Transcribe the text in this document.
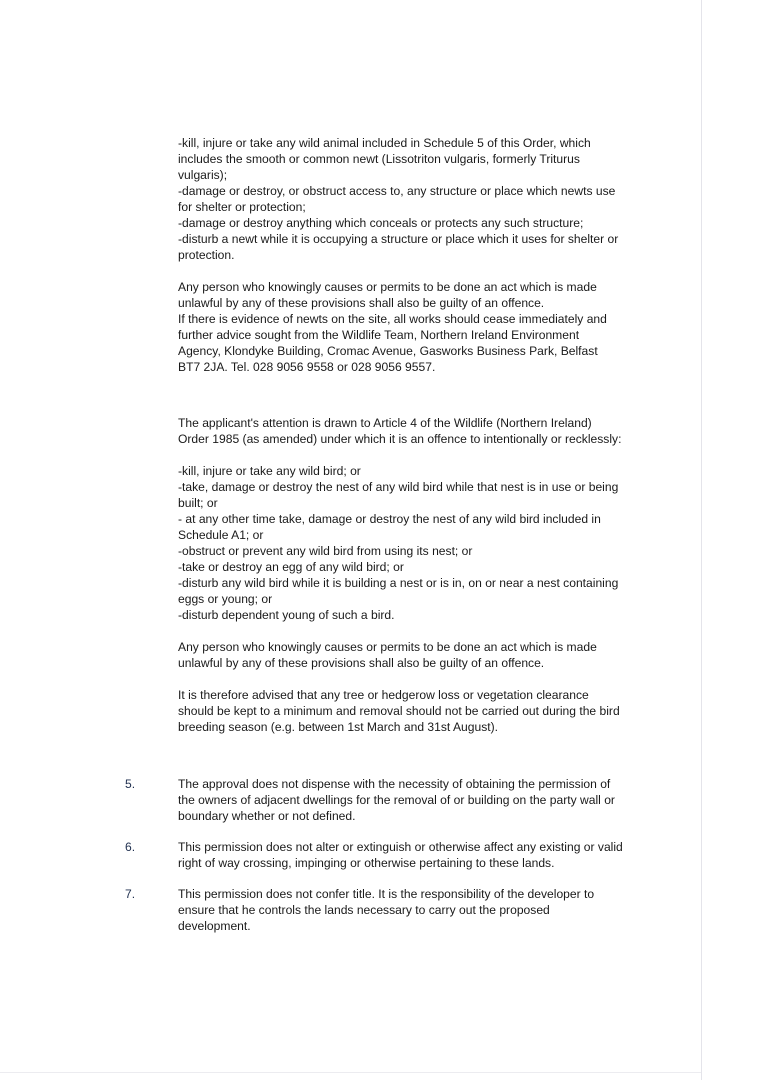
-kill, injure or take any wild animal included in Schedule 5 of this Order, which
includes the smooth or common newt (Lissotriton vulgaris, formerly Triturus
vulgaris);
-damage or destroy, or obstruct access to, any structure or place which newts use
for shelter or protection;
-damage or destroy anything which conceals or protects any such structure;
-disturb a newt while it is occupying a structure or place which it uses for shelter or
protection.

Any person who knowingly causes or permits to be done an act which is made
unlawful by any of these provisions shall also be guilty of an offence.
If there is evidence of newts on the site, all works should cease immediately and
further advice sought from the Wildlife Team, Northern Ireland Environment
Agency, Klondyke Building, Cromac Avenue, Gasworks Business Park, Belfast
BT7 2JA. Tel. 028 9056 9558 or 028 9056 9557.

The applicant's attention is drawn to Article 4 of the Wildlife (Northern Ireland)
Order 1985 (as amended) under which it is an offence to intentionally or recklessly:

-kill, injure or take any wild bird; or
-take, damage or destroy the nest of any wild bird while that nest is in use or being
built; or
- at any other time take, damage or destroy the nest of any wild bird included in
Schedule A1; or
-obstruct or prevent any wild bird from using its nest; or
-take or destroy an egg of any wild bird; or
-disturb any wild bird while it is building a nest or is in, on or near a nest containing
eggs or young; or
-disturb dependent young of such a bird.

Any person who knowingly causes or permits to be done an act which is made
unlawful by any of these provisions shall also be guilty of an offence.

It is therefore advised that any tree or hedgerow loss or vegetation clearance
should be kept to a minimum and removal should not be carried out during the bird
breeding season (e.g. between 1st March and 31st August).

5.	The approval does not dispense with the necessity of obtaining the permission of
the owners of adjacent dwellings for the removal of or building on the party wall or
boundary whether or not defined.
6.	This permission does not alter or extinguish or otherwise affect any existing or valid
right of way crossing, impinging or otherwise pertaining to these lands.
7.	This permission does not confer title. It is the responsibility of the developer to
ensure that he controls the lands necessary to carry out the proposed
development.
